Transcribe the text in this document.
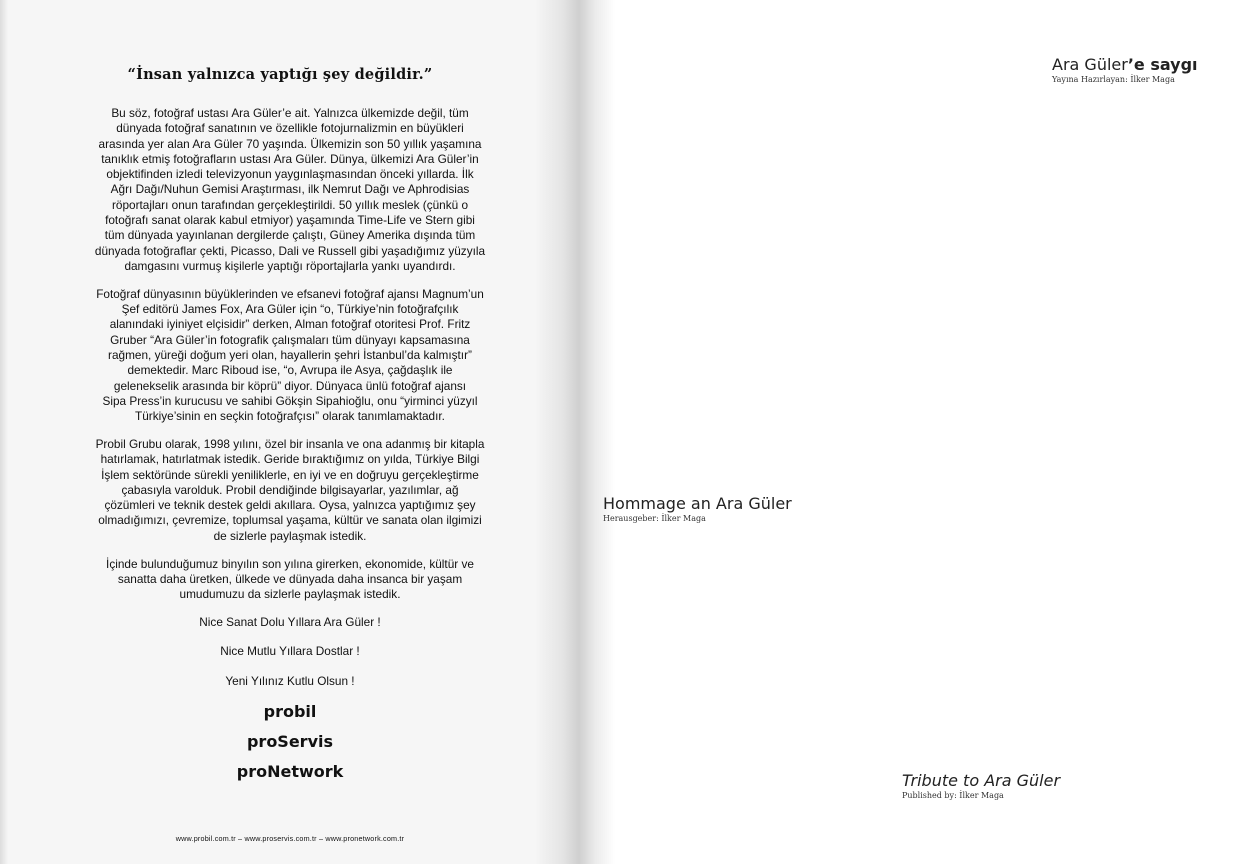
“İnsan yalnızca yaptığı şey değildir.”
Bu söz, fotoğraf ustası Ara Güler’e ait. Yalnızca ülkemizde değil, tüm
dünyada fotoğraf sanatının ve özellikle fotojurnalizmin en büyükleri
arasında yer alan Ara Güler 70 yaşında. Ülkemizin son 50 yıllık yaşamına
tanıklık etmiş fotoğrafların ustası Ara Güler. Dünya, ülkemizi Ara Güler’in
objektifinden izledi televizyonun yaygınlaşmasından önceki yıllarda. İlk
Ağrı Dağı/Nuhun Gemisi Araştırması, ilk Nemrut Dağı ve Aphrodisias
röportajları onun tarafından gerçekleştirildi. 50 yıllık meslek (çünkü o
fotoğrafı sanat olarak kabul etmiyor) yaşamında Time-Life ve Stern gibi
tüm dünyada yayınlanan dergilerde çalıştı, Güney Amerika dışında tüm
dünyada fotoğraflar çekti, Picasso, Dali ve Russell gibi yaşadığımız yüzyıla
damgasını vurmuş kişilerle yaptığı röportajlarla yankı uyandırdı.
Fotoğraf dünyasının büyüklerinden ve efsanevi fotoğraf ajansı Magnum’un
Şef editörü James Fox, Ara Güler için “o, Türkiye’nin fotoğrafçılık
alanındaki iyiniyet elçisidir” derken, Alman fotoğraf otoritesi Prof. Fritz
Gruber “Ara Güler’in fotografik çalışmaları tüm dünyayı kapsamasına
rağmen, yüreği doğum yeri olan, hayallerin şehri İstanbul’da kalmıştır”
demektedir. Marc Riboud ise, “o, Avrupa ile Asya, çağdaşlık ile
gelenekselik arasında bir köprü” diyor. Dünyaca ünlü fotoğraf ajansı
Sipa Press’in kurucusu ve sahibi Gökşin Sipahioğlu, onu “yirminci yüzyıl
Türkiye’sinin en seçkin fotoğrafçısı” olarak tanımlamaktadır.
Probil Grubu olarak, 1998 yılını, özel bir insanla ve ona adanmış bir kitapla
hatırlamak, hatırlatmak istedik. Geride bıraktığımız on yılda, Türkiye Bilgi
İşlem sektöründe sürekli yeniliklerle, en iyi ve en doğruyu gerçekleştirme
çabasıyla varolduk. Probil dendiğinde bilgisayarlar, yazılımlar, ağ
çözümleri ve teknik destek geldi akıllara. Oysa, yalnızca yaptığımız şey
olmadığımızı, çevremize, toplumsal yaşama, kültür ve sanata olan ilgimizi
de sizlerle paylaşmak istedik.
İçinde bulunduğumuz binyılın son yılına girerken, ekonomide, kültür ve
sanatta daha üretken, ülkede ve dünyada daha insanca bir yaşam
umudumuzu da sizlerle paylaşmak istedik.
Nice Sanat Dolu Yıllara Ara Güler !
Nice Mutlu Yıllara Dostlar !
Yeni Yılınız Kutlu Olsun !
probil
proServis
proNetwork
www.probil.com.tr – www.proservis.com.tr – www.pronetwork.com.tr
Ara Güler’e saygı
Yayına Hazırlayan: İlker Maga
Hommage an Ara Güler
Herausgeber: İlker Maga
Tribute to Ara Güler
Published by: İlker Maga
